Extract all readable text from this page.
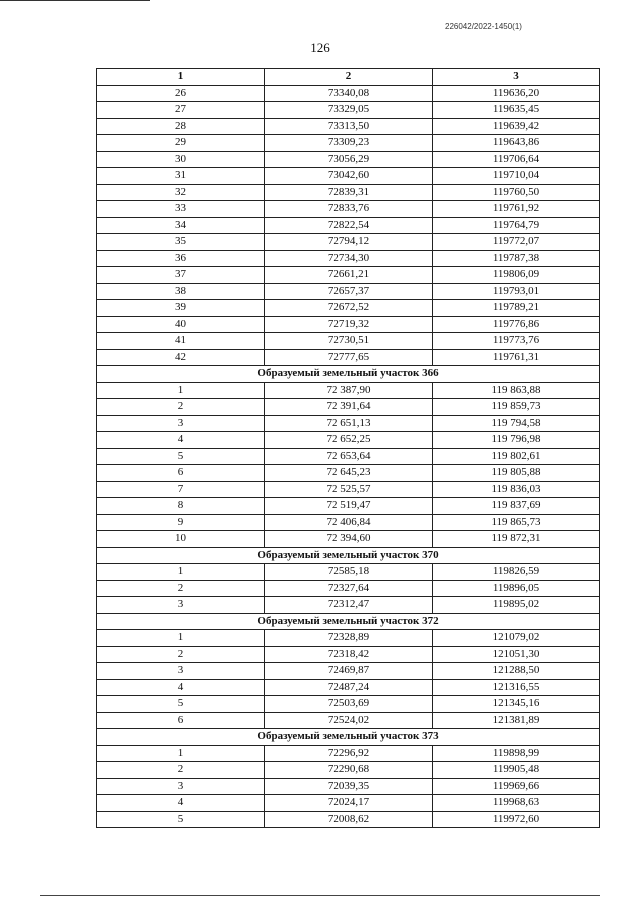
226042/2022-1450(1)
126
1	2	3
26	73340,08	119636,20
27	73329,05	119635,45
28	73313,50	119639,42
29	73309,23	119643,86
30	73056,29	119706,64
31	73042,60	119710,04
32	72839,31	119760,50
33	72833,76	119761,92
34	72822,54	119764,79
35	72794,12	119772,07
36	72734,30	119787,38
37	72661,21	119806,09
38	72657,37	119793,01
39	72672,52	119789,21
40	72719,32	119776,86
41	72730,51	119773,76
42	72777,65	119761,31
Образуемый земельный участок 366		
1	72 387,90	119 863,88
2	72 391,64	119 859,73
3	72 651,13	119 794,58
4	72 652,25	119 796,98
5	72 653,64	119 802,61
6	72 645,23	119 805,88
7	72 525,57	119 836,03
8	72 519,47	119 837,69
9	72 406,84	119 865,73
10	72 394,60	119 872,31
Образуемый земельный участок 370		
1	72585,18	119826,59
2	72327,64	119896,05
3	72312,47	119895,02
Образуемый земельный участок 372		
1	72328,89	121079,02
2	72318,42	121051,30
3	72469,87	121288,50
4	72487,24	121316,55
5	72503,69	121345,16
6	72524,02	121381,89
Образуемый земельный участок 373		
1	72296,92	119898,99
2	72290,68	119905,48
3	72039,35	119969,66
4	72024,17	119968,63
5	72008,62	119972,60
